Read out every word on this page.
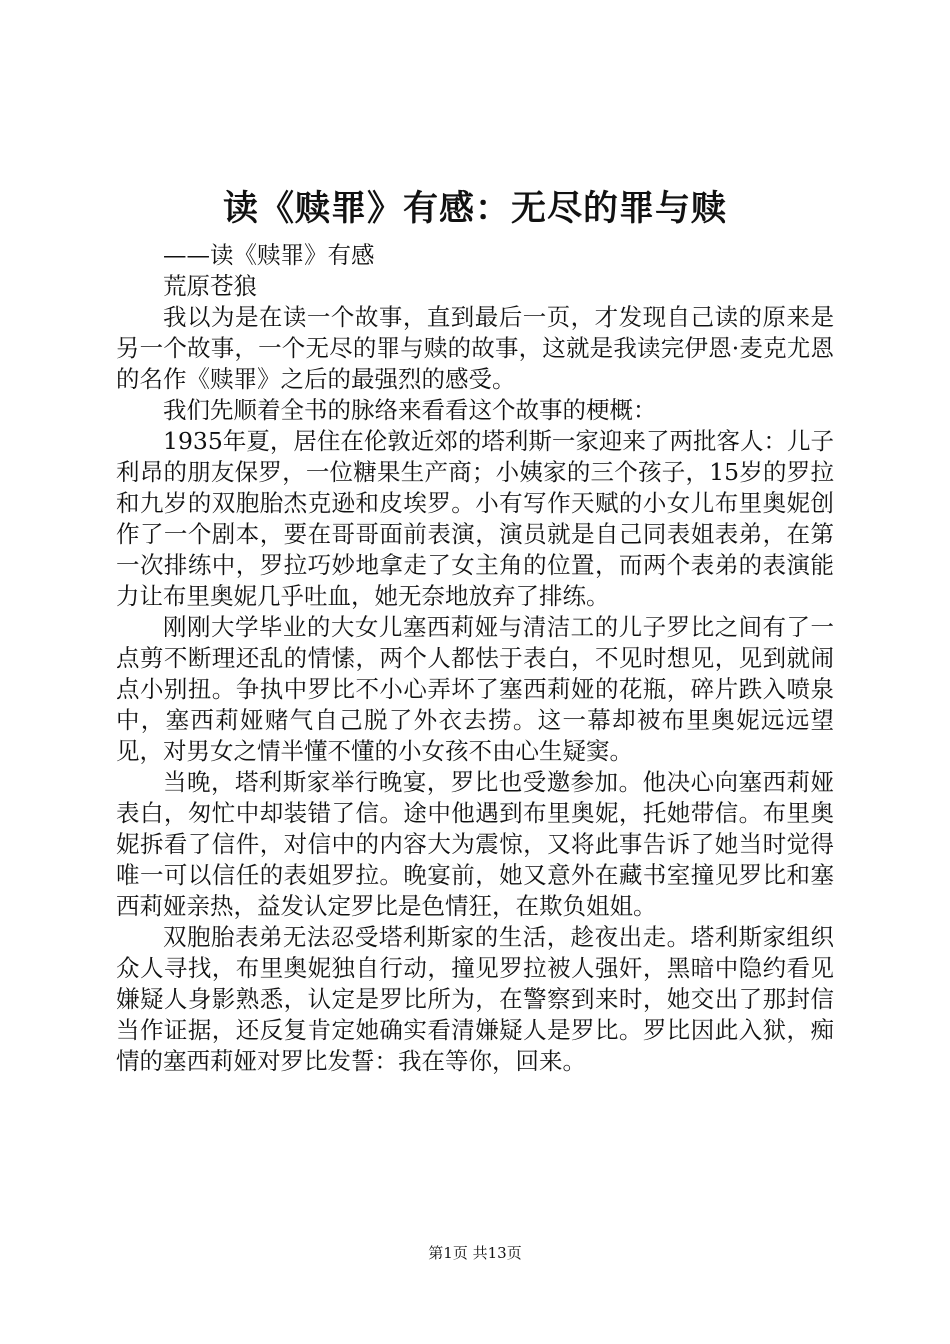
读《赎罪》有感：无尽的罪与赎

——读《赎罪》有感

荒原苍狼

我以为是在读一个故事，直到最后一页，才发现自己读的原来是另一个故事，一个无尽的罪与赎的故事，这就是我读完伊恩·麦克尤恩的名作《赎罪》之后的最强烈的感受。

我们先顺着全书的脉络来看看这个故事的梗概：

1935年夏，居住在伦敦近郊的塔利斯一家迎来了两批客人：儿子利昂的朋友保罗，一位糖果生产商；小姨家的三个孩子，15岁的罗拉和九岁的双胞胎杰克逊和皮埃罗。小有写作天赋的小女儿布里奥妮创作了一个剧本，要在哥哥面前表演，演员就是自己同表姐表弟，在第一次排练中，罗拉巧妙地拿走了女主角的位置，而两个表弟的表演能力让布里奥妮几乎吐血，她无奈地放弃了排练。

刚刚大学毕业的大女儿塞西莉娅与清洁工的儿子罗比之间有了一点剪不断理还乱的情愫，两个人都怯于表白，不见时想见，见到就闹点小别扭。争执中罗比不小心弄坏了塞西莉娅的花瓶，碎片跌入喷泉中，塞西莉娅赌气自己脱了外衣去捞。这一幕却被布里奥妮远远望见，对男女之情半懂不懂的小女孩不由心生疑窦。

当晚，塔利斯家举行晚宴，罗比也受邀参加。他决心向塞西莉娅表白，匆忙中却装错了信。途中他遇到布里奥妮，托她带信。布里奥妮拆看了信件，对信中的内容大为震惊，又将此事告诉了她当时觉得唯一可以信任的表姐罗拉。晚宴前，她又意外在藏书室撞见罗比和塞西莉娅亲热，益发认定罗比是色情狂，在欺负姐姐。

双胞胎表弟无法忍受塔利斯家的生活，趁夜出走。塔利斯家组织众人寻找，布里奥妮独自行动，撞见罗拉被人强奸，黑暗中隐约看见嫌疑人身影熟悉，认定是罗比所为，在警察到来时，她交出了那封信当作证据，还反复肯定她确实看清嫌疑人是罗比。罗比因此入狱，痴情的塞西莉娅对罗比发誓：我在等你，回来。

第1页 共13页
